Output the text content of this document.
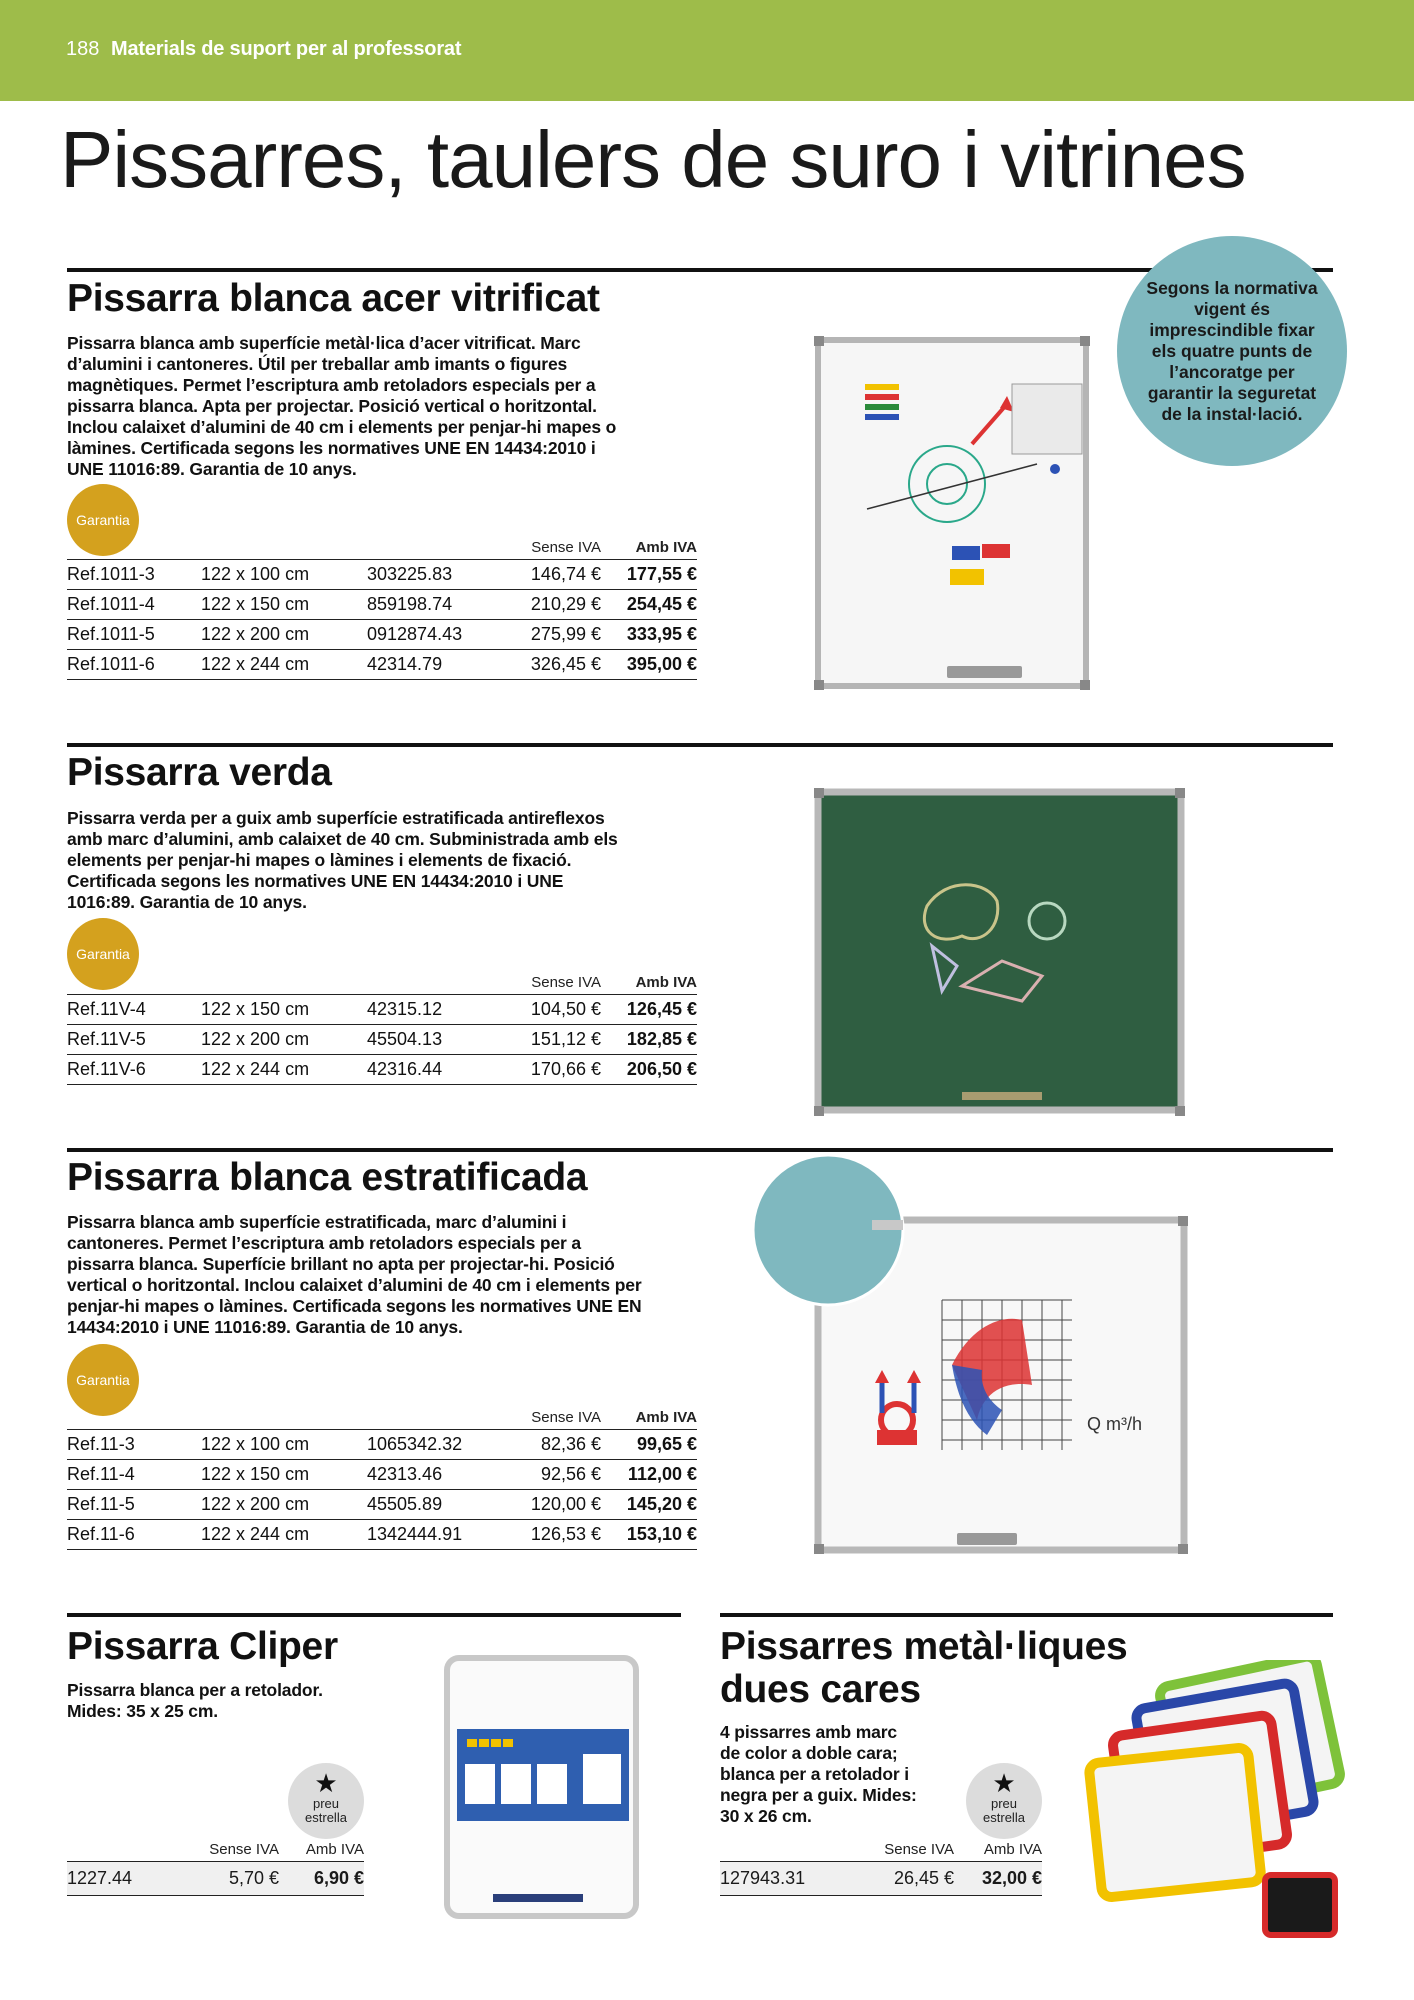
188 Materials de suport per al professorat
Pissarres, taulers de suro i vitrines
Pissarra blanca acer vitrificat

Pissarra blanca amb superfície metàl·lica d’acer vitrificat. Marc d’alumini i cantoneres. Útil per treballar amb imants o figures magnètiques. Permet l’escriptura amb retoladors especials per a pissarra blanca. Apta per projectar. Posició vertical o horitzontal. Inclou calaixet d’alumini de 40 cm i elements per penjar-hi mapes o làmines. Certificada segons les normatives UNE EN 14434:2010 i UNE 11016:89. Garantia de 10 anys.

Garantia
			Sense IVA	Amb IVA
Ref.1011-3	122 x 100 cm	303225.83	146,74 €	177,55 €
Ref.1011-4	122 x 150 cm	859198.74	210,29 €	254,45 €
Ref.1011-5	122 x 200 cm	0912874.43	275,99 €	333,95 €
Ref.1011-6	122 x 244 cm	42314.79	326,45 €	395,00 €
Segons la normativa vigent és imprescindible fixar els quatre punts de l’ancoratge per garantir la seguretat de la instal·lació.
Pissarra verda

Pissarra verda per a guix amb superfície estratificada antireflexos amb marc d’alumini, amb calaixet de 40 cm. Subministrada amb els elements per penjar-hi mapes o làmines i elements de fixació. Certificada segons les normatives UNE EN 14434:2010 i UNE 1016:89. Garantia de 10 anys.

Garantia
			Sense IVA	Amb IVA
Ref.11V-4	122 x 150 cm	42315.12	104,50 €	126,45 €
Ref.11V-5	122 x 200 cm	45504.13	151,12 €	182,85 €
Ref.11V-6	122 x 244 cm	42316.44	170,66 €	206,50 €
Pissarra blanca estratificada

Pissarra blanca amb superfície estratificada, marc d’alumini i cantoneres. Permet l’escriptura amb retoladors especials per a pissarra blanca. Superfície brillant no apta per projectar-hi. Posició vertical o horitzontal. Inclou calaixet d’alumini de 40 cm i elements per penjar-hi mapes o làmines. Certificada segons les normatives UNE EN 14434:2010 i UNE 11016:89. Garantia de 10 anys.

Garantia
			Sense IVA	Amb IVA
Ref.11-3	122 x 100 cm	1065342.32	82,36 €	99,65 €
Ref.11-4	122 x 150 cm	42313.46	92,56 €	112,00 €
Ref.11-5	122 x 200 cm	45505.89	120,00 €	145,20 €
Ref.11-6	122 x 244 cm	1342444.91	126,53 €	153,10 €
Q m³/h
Pissarra Cliper

Pissarra blanca per a retolador. Mides: 35 x 25 cm.

★
preu
estrella
	Sense IVA	Amb IVA
1227.44	5,70 €	6,90 €
Pissarres metàl·liques dues cares

4 pissarres amb marc de color a doble cara; blanca per a retolador i negra per a guix. Mides: 30 x 26 cm.

★
preu
estrella
	Sense IVA	Amb IVA
127943.31	26,45 €	32,00 €
